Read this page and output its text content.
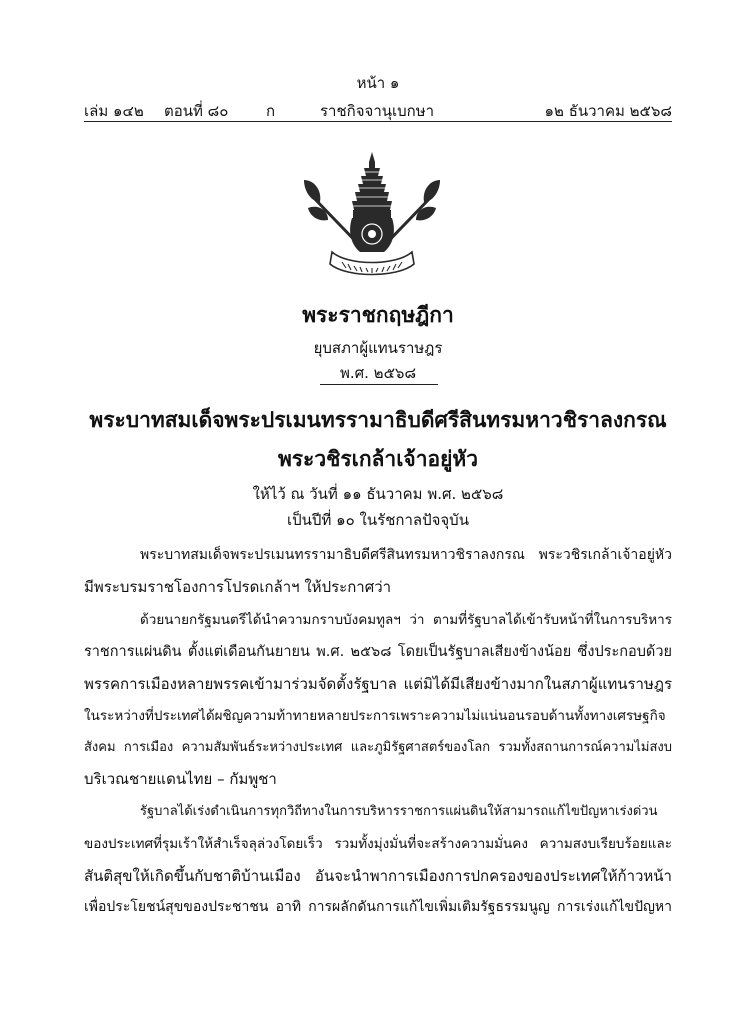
หน้า ๑
เล่ม ๑๔๒ ตอนที่ ๘๐	ก	ราชกิจจานุเบกษา	๑๒ ธันวาคม ๒๕๖๘
พระราชกฤษฎีกา
ยุบสภาผู้แทนราษฎร
พ.ศ. ๒๕๖๘
พระบาทสมเด็จพระปรเมนทรรามาธิบดีศรีสินทรมหาวชิราลงกรณ
พระวชิรเกล้าเจ้าอยู่หัว
ให้ไว้ ณ วันที่ ๑๑ ธันวาคม พ.ศ. ๒๕๖๘
เป็นปีที่ ๑๐ ในรัชกาลปัจจุบัน
พระบาทสมเด็จพระปรเมนทรรามาธิบดีศรีสินทรมหาวชิราลงกรณ พระวชิรเกล้าเจ้าอยู่หัว
มีพระบรมราชโองการโปรดเกล้าฯ ให้ประกาศว่า
ด้วยนายกรัฐมนตรีได้นำความกราบบังคมทูลฯ ว่า ตามที่รัฐบาลได้เข้ารับหน้าที่ในการบริหาร
ราชการแผ่นดิน ตั้งแต่เดือนกันยายน พ.ศ. ๒๕๖๘ โดยเป็นรัฐบาลเสียงข้างน้อย ซึ่งประกอบด้วย
พรรคการเมืองหลายพรรคเข้ามาร่วมจัดตั้งรัฐบาล แต่มิได้มีเสียงข้างมากในสภาผู้แทนราษฎร
ในระหว่างที่ประเทศได้ผชิญความท้าทายหลายประการเพราะความไม่แน่นอนรอบด้านทั้งทางเศรษฐกิจ
สังคม การเมือง ความสัมพันธ์ระหว่างประเทศ และภูมิรัฐศาสตร์ของโลก รวมทั้งสถานการณ์ความไม่สงบ
บริเวณชายแดนไทย – กัมพูชา
รัฐบาลได้เร่งดำเนินการทุกวิถีทางในการบริหารราชการแผ่นดินให้สามารถแก้ไขปัญหาเร่งด่วน
ของประเทศที่รุมเร้าให้สำเร็จลุล่วงโดยเร็ว รวมทั้งมุ่งมั่นที่จะสร้างความมั่นคง ความสงบเรียบร้อยและ
สันติสุขให้เกิดขึ้นกับชาติบ้านเมือง อันจะนำพาการเมืองการปกครองของประเทศให้ก้าวหน้า
เพื่อประโยชน์สุขของประชาชน อาทิ การผลักดันการแก้ไขเพิ่มเติมรัฐธรรมนูญ การเร่งแก้ไขปัญหา
